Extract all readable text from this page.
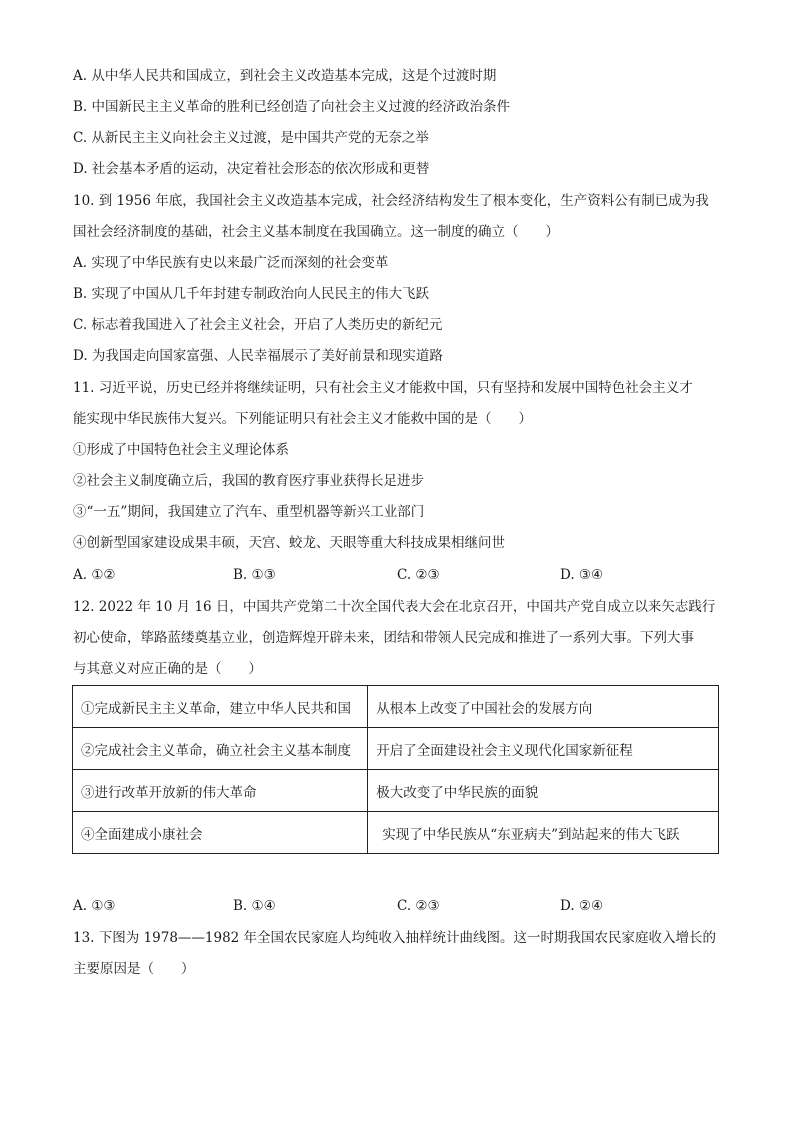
A. 从中华人民共和国成立，到社会主义改造基本完成，这是个过渡时期
B. 中国新民主主义革命的胜利已经创造了向社会主义过渡的经济政治条件
C. 从新民主主义向社会主义过渡，是中国共产党的无奈之举
D. 社会基本矛盾的运动，决定着社会形态的依次形成和更替
10. 到 1956 年底，我国社会主义改造基本完成，社会经济结构发生了根本变化，生产资料公有制已成为我
国社会经济制度的基础，社会主义基本制度在我国确立。这一制度的确立（　　）
A. 实现了中华民族有史以来最广泛而深刻的社会变革
B. 实现了中国从几千年封建专制政治向人民民主的伟大飞跃
C. 标志着我国进入了社会主义社会，开启了人类历史的新纪元
D. 为我国走向国家富强、人民幸福展示了美好前景和现实道路
11. 习近平说，历史已经并将继续证明，只有社会主义才能救中国，只有坚持和发展中国特色社会主义才
能实现中华民族伟大复兴。下列能证明只有社会主义才能救中国的是（　　）
①形成了中国特色社会主义理论体系
②社会主义制度确立后，我国的教育医疗事业获得长足进步
③“一五”期间，我国建立了汽车、重型机器等新兴工业部门
④创新型国家建设成果丰硕，天宫、蛟龙、天眼等重大科技成果相继问世
A. ①②	B. ①③	C. ②③	D. ③④
12. 2022 年 10 月 16 日，中国共产党第二十次全国代表大会在北京召开，中国共产党自成立以来矢志践行
初心使命，筚路蓝缕奠基立业，创造辉煌开辟未来，团结和带领人民完成和推进了一系列大事。下列大事
与其意义对应正确的是（　　）
①完成新民主主义革命，建立中华人民共和国	从根本上改变了中国社会的发展方向
②完成社会主义革命，确立社会主义基本制度	开启了全面建设社会主义现代化国家新征程
③进行改革开放新的伟大革命	极大改变了中华民族的面貌
④全面建成小康社会	实现了中华民族从“东亚病夫”到站起来的伟大飞跃
A. ①③	B. ①④	C. ②③	D. ②④
13. 下图为 1978——1982 年全国农民家庭人均纯收入抽样统计曲线图。这一时期我国农民家庭收入增长的
主要原因是（　　）
